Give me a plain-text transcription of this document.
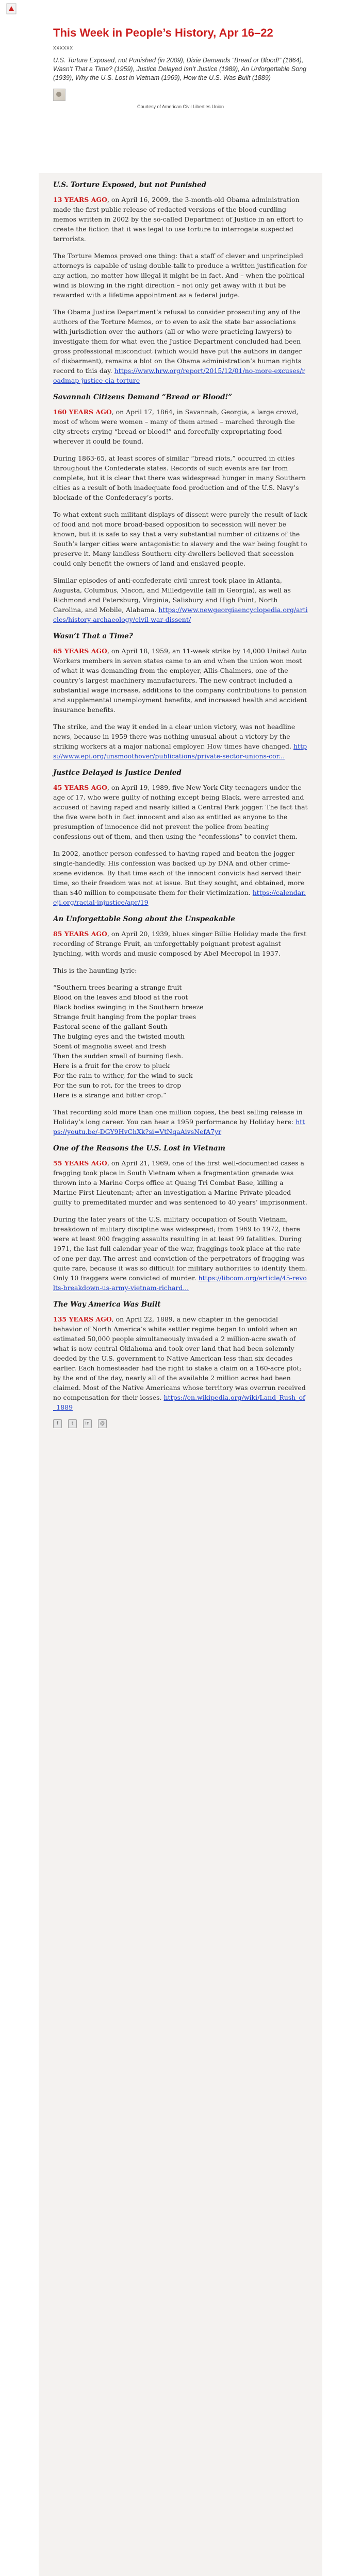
This Week in People’s History, Apr 16–22
xxxxxx
U.S. Torture Exposed, not Punished (in 2009), Dixie Demands “Bread or Blood!” (1864), Wasn’t That a Time? (1959), Justice Delayed Isn’t Justice (1989), An Unforgettable Song (1939), Why the U.S. Lost in Vietnam (1969), How the U.S. Was Built (1889)
Courtesy of American Civil Liberties Union
U.S. Torture Exposed, but not Punished

13 YEARS AGO, on April 16, 2009, the 3-month-old Obama administration made the first public release of redacted versions of the blood-curdling memos written in 2002 by the so-called Department of Justice in an effort to create the fiction that it was legal to use torture to interrogate suspected terrorists.

The Torture Memos proved one thing: that a staff of clever and unprincipled attorneys is capable of using double-talk to produce a written justification for any action, no matter how illegal it might be in fact. And – when the political wind is blowing in the right direction – not only get away with it but be rewarded with a lifetime appointment as a federal judge.

The Obama Justice Department’s refusal to consider prosecuting any of the authors of the Torture Memos, or to even to ask the state bar associations with jurisdiction over the authors (all or who were practicing lawyers) to investigate them for what even the Justice Department concluded had been gross professional misconduct (which would have put the authors in danger of disbarment), remains a blot on the Obama administration’s human rights record to this day. https://www.hrw.org/report/2015/12/01/no-more-excuses/roadmap-justice-cia-torture

Savannah Citizens Demand “Bread or Blood!”

160 YEARS AGO, on April 17, 1864, in Savannah, Georgia, a large crowd, most of whom were women – many of them armed – marched through the city streets crying “bread or blood!” and forcefully expropriating food wherever it could be found.

During 1863-65, at least scores of similar “bread riots,” occurred in cities throughout the Confederate states. Records of such events are far from complete, but it is clear that there was widespread hunger in many Southern cities as a result of both inadequate food production and of the U.S. Navy’s blockade of the Confederacy’s ports.

To what extent such militant displays of dissent were purely the result of lack of food and not more broad-based opposition to secession will never be known, but it is safe to say that a very substantial number of citizens of the South’s larger cities were antagonistic to slavery and the war being fought to preserve it. Many landless Southern city-dwellers believed that secession could only benefit the owners of land and enslaved people.

Similar episodes of anti-confederate civil unrest took place in Atlanta, Augusta, Columbus, Macon, and Milledgeville (all in Georgia), as well as Richmond and Petersburg, Virginia, Salisbury and High Point, North Carolina, and Mobile, Alabama. https://www.newgeorgiaencyclopedia.org/articles/history-archaeology/civil-war-dissent/

Wasn’t That a Time?

65 YEARS AGO, on April 18, 1959, an 11-week strike by 14,000 United Auto Workers members in seven states came to an end when the union won most of what it was demanding from the employer, Allis-Chalmers, one of the country’s largest machinery manufacturers. The new contract included a substantial wage increase, additions to the company contributions to pension and supplemental unemployment benefits, and increased health and accident insurance benefits.

The strike, and the way it ended in a clear union victory, was not headline news, because in 1959 there was nothing unusual about a victory by the striking workers at a major national employer. How times have changed. https://www.epi.org/unsmoothover/publications/private-sector-unions-cor...

Justice Delayed is Justice Denied

45 YEARS AGO, on April 19, 1989, five New York City teenagers under the age of 17, who were guilty of nothing except being Black, were arrested and accused of having raped and nearly killed a Central Park jogger. The fact that the five were both in fact innocent and also as entitled as anyone to the presumption of innocence did not prevent the police from beating confessions out of them, and then using the “confessions” to convict them.

In 2002, another person confessed to having raped and beaten the jogger single-handedly. His confession was backed up by DNA and other crime-scene evidence. By that time each of the innocent convicts had served their time, so their freedom was not at issue. But they sought, and obtained, more than $40 million to compensate them for their victimization. https://calendar.eji.org/racial-injustice/apr/19

An Unforgettable Song about the Unspeakable

85 YEARS AGO, on April 20, 1939, blues singer Billie Holiday made the first recording of Strange Fruit, an unforgettably poignant protest against lynching, with words and music composed by Abel Meeropol in 1937.

This is the haunting lyric:

“Southern trees bearing a strange fruit
Blood on the leaves and blood at the root
Black bodies swinging in the Southern breeze
Strange fruit hanging from the poplar trees
Pastoral scene of the gallant South
The bulging eyes and the twisted mouth
Scent of magnolia sweet and fresh
Then the sudden smell of burning flesh.
Here is a fruit for the crow to pluck
For the rain to wither, for the wind to suck
For the sun to rot, for the trees to drop
Here is a strange and bitter crop.”

That recording sold more than one million copies, the best selling release in Holiday’s long career. You can hear a 1959 performance by Holiday here: https://youtu.be/-DGY9HvChXk?si=VtNqaAivsNefA7yr

One of the Reasons the U.S. Lost in Vietnam

55 YEARS AGO, on April 21, 1969, one of the first well-documented cases a fragging took place in South Vietnam when a fragmentation grenade was thrown into a Marine Corps office at Quang Tri Combat Base, killing a Marine First Lieutenant; after an investigation a Marine Private pleaded guilty to premeditated murder and was sentenced to 40 years’ imprisonment.

During the later years of the U.S. military occupation of South Vietnam, breakdown of military discipline was widespread; from 1969 to 1972, there were at least 900 fragging assaults resulting in at least 99 fatalities. During 1971, the last full calendar year of the war, fraggings took place at the rate of one per day. The arrest and conviction of the perpetrators of fragging was quite rare, because it was so difficult for military authorities to identify them. Only 10 fraggers were convicted of murder. https://libcom.org/article/45-revolts-breakdown-us-army-vietnam-richard...

The Way America Was Built

135 YEARS AGO, on April 22, 1889, a new chapter in the genocidal behavior of North America’s white settler regime began to unfold when an estimated 50,000 people simultaneously invaded a 2 million-acre swath of what is now central Oklahoma and took over land that had been solemnly deeded by the U.S. government to Native American less than six decades earlier. Each homesteader had the right to stake a claim on a 160-acre plot; by the end of the day, nearly all of the available 2 million acres had been claimed. Most of the Native Americans whose territory was overrun received no compensation for their losses. https://en.wikipedia.org/wiki/Land_Rush_of_1889

f	t	in	@
